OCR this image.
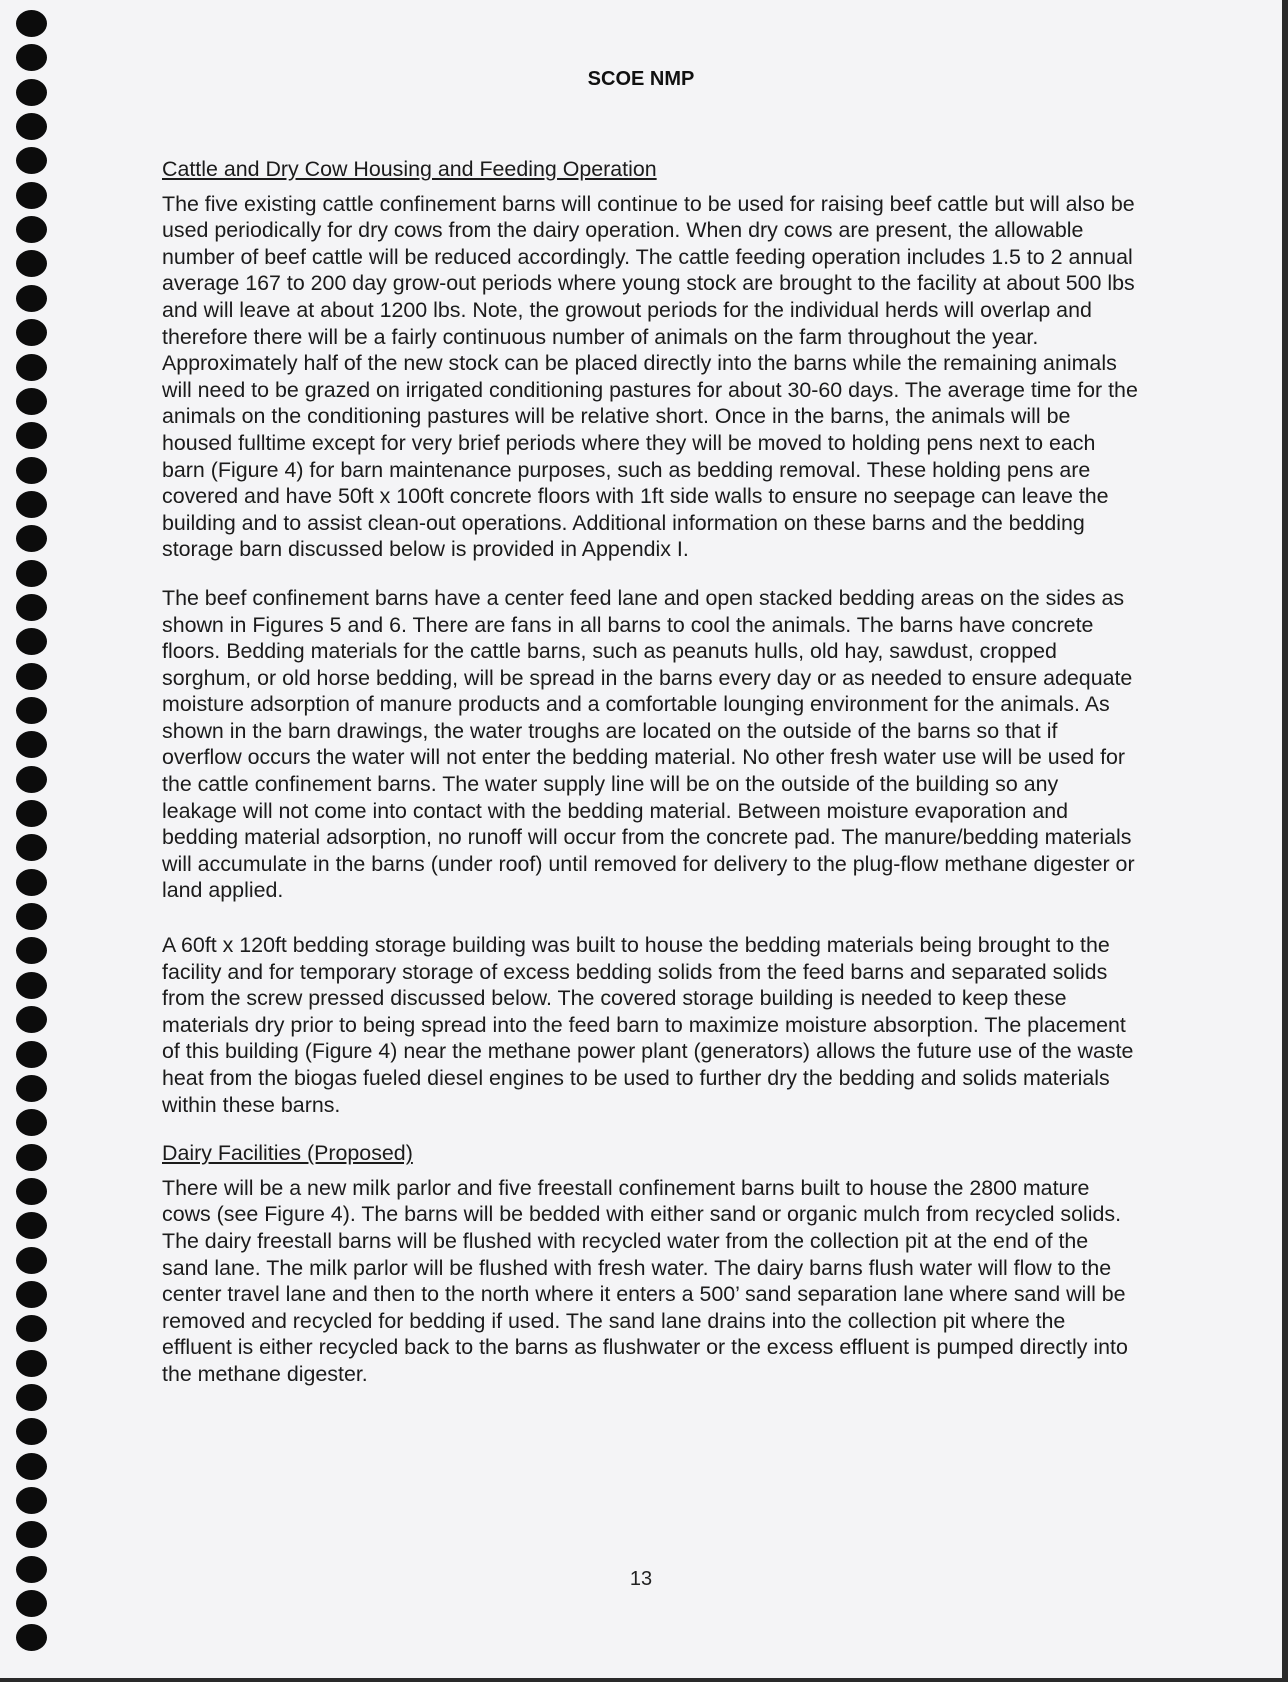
SCOE NMP
Cattle and Dry Cow Housing and Feeding Operation

The five existing cattle confinement barns will continue to be used for raising beef cattle but will also be used periodically for dry cows from the dairy operation. When dry cows are present, the allowable number of beef cattle will be reduced accordingly. The cattle feeding operation includes 1.5 to 2 annual average 167 to 200 day grow-out periods where young stock are brought to the facility at about 500 lbs and will leave at about 1200 lbs. Note, the growout periods for the individual herds will overlap and therefore there will be a fairly continuous number of animals on the farm throughout the year. Approximately half of the new stock can be placed directly into the barns while the remaining animals will need to be grazed on irrigated conditioning pastures for about 30-60 days. The average time for the animals on the conditioning pastures will be relative short. Once in the barns, the animals will be housed fulltime except for very brief periods where they will be moved to holding pens next to each barn (Figure 4) for barn maintenance purposes, such as bedding removal. These holding pens are covered and have 50ft x 100ft concrete floors with 1ft side walls to ensure no seepage can leave the building and to assist clean-out operations. Additional information on these barns and the bedding storage barn discussed below is provided in Appendix I.

The beef confinement barns have a center feed lane and open stacked bedding areas on the sides as shown in Figures 5 and 6. There are fans in all barns to cool the animals. The barns have concrete floors. Bedding materials for the cattle barns, such as peanuts hulls, old hay, sawdust, cropped sorghum, or old horse bedding, will be spread in the barns every day or as needed to ensure adequate moisture adsorption of manure products and a comfortable lounging environment for the animals. As shown in the barn drawings, the water troughs are located on the outside of the barns so that if overflow occurs the water will not enter the bedding material. No other fresh water use will be used for the cattle confinement barns. The water supply line will be on the outside of the building so any leakage will not come into contact with the bedding material. Between moisture evaporation and bedding material adsorption, no runoff will occur from the concrete pad. The manure/bedding materials will accumulate in the barns (under roof) until removed for delivery to the plug-flow methane digester or land applied.

A 60ft x 120ft bedding storage building was built to house the bedding materials being brought to the facility and for temporary storage of excess bedding solids from the feed barns and separated solids from the screw pressed discussed below. The covered storage building is needed to keep these materials dry prior to being spread into the feed barn to maximize moisture absorption. The placement of this building (Figure 4) near the methane power plant (generators) allows the future use of the waste heat from the biogas fueled diesel engines to be used to further dry the bedding and solids materials within these barns.

Dairy Facilities (Proposed)

There will be a new milk parlor and five freestall confinement barns built to house the 2800 mature cows (see Figure 4). The barns will be bedded with either sand or organic mulch from recycled solids. The dairy freestall barns will be flushed with recycled water from the collection pit at the end of the sand lane. The milk parlor will be flushed with fresh water. The dairy barns flush water will flow to the center travel lane and then to the north where it enters a 500’ sand separation lane where sand will be removed and recycled for bedding if used. The sand lane drains into the collection pit where the effluent is either recycled back to the barns as flushwater or the excess effluent is pumped directly into the methane digester.

13
